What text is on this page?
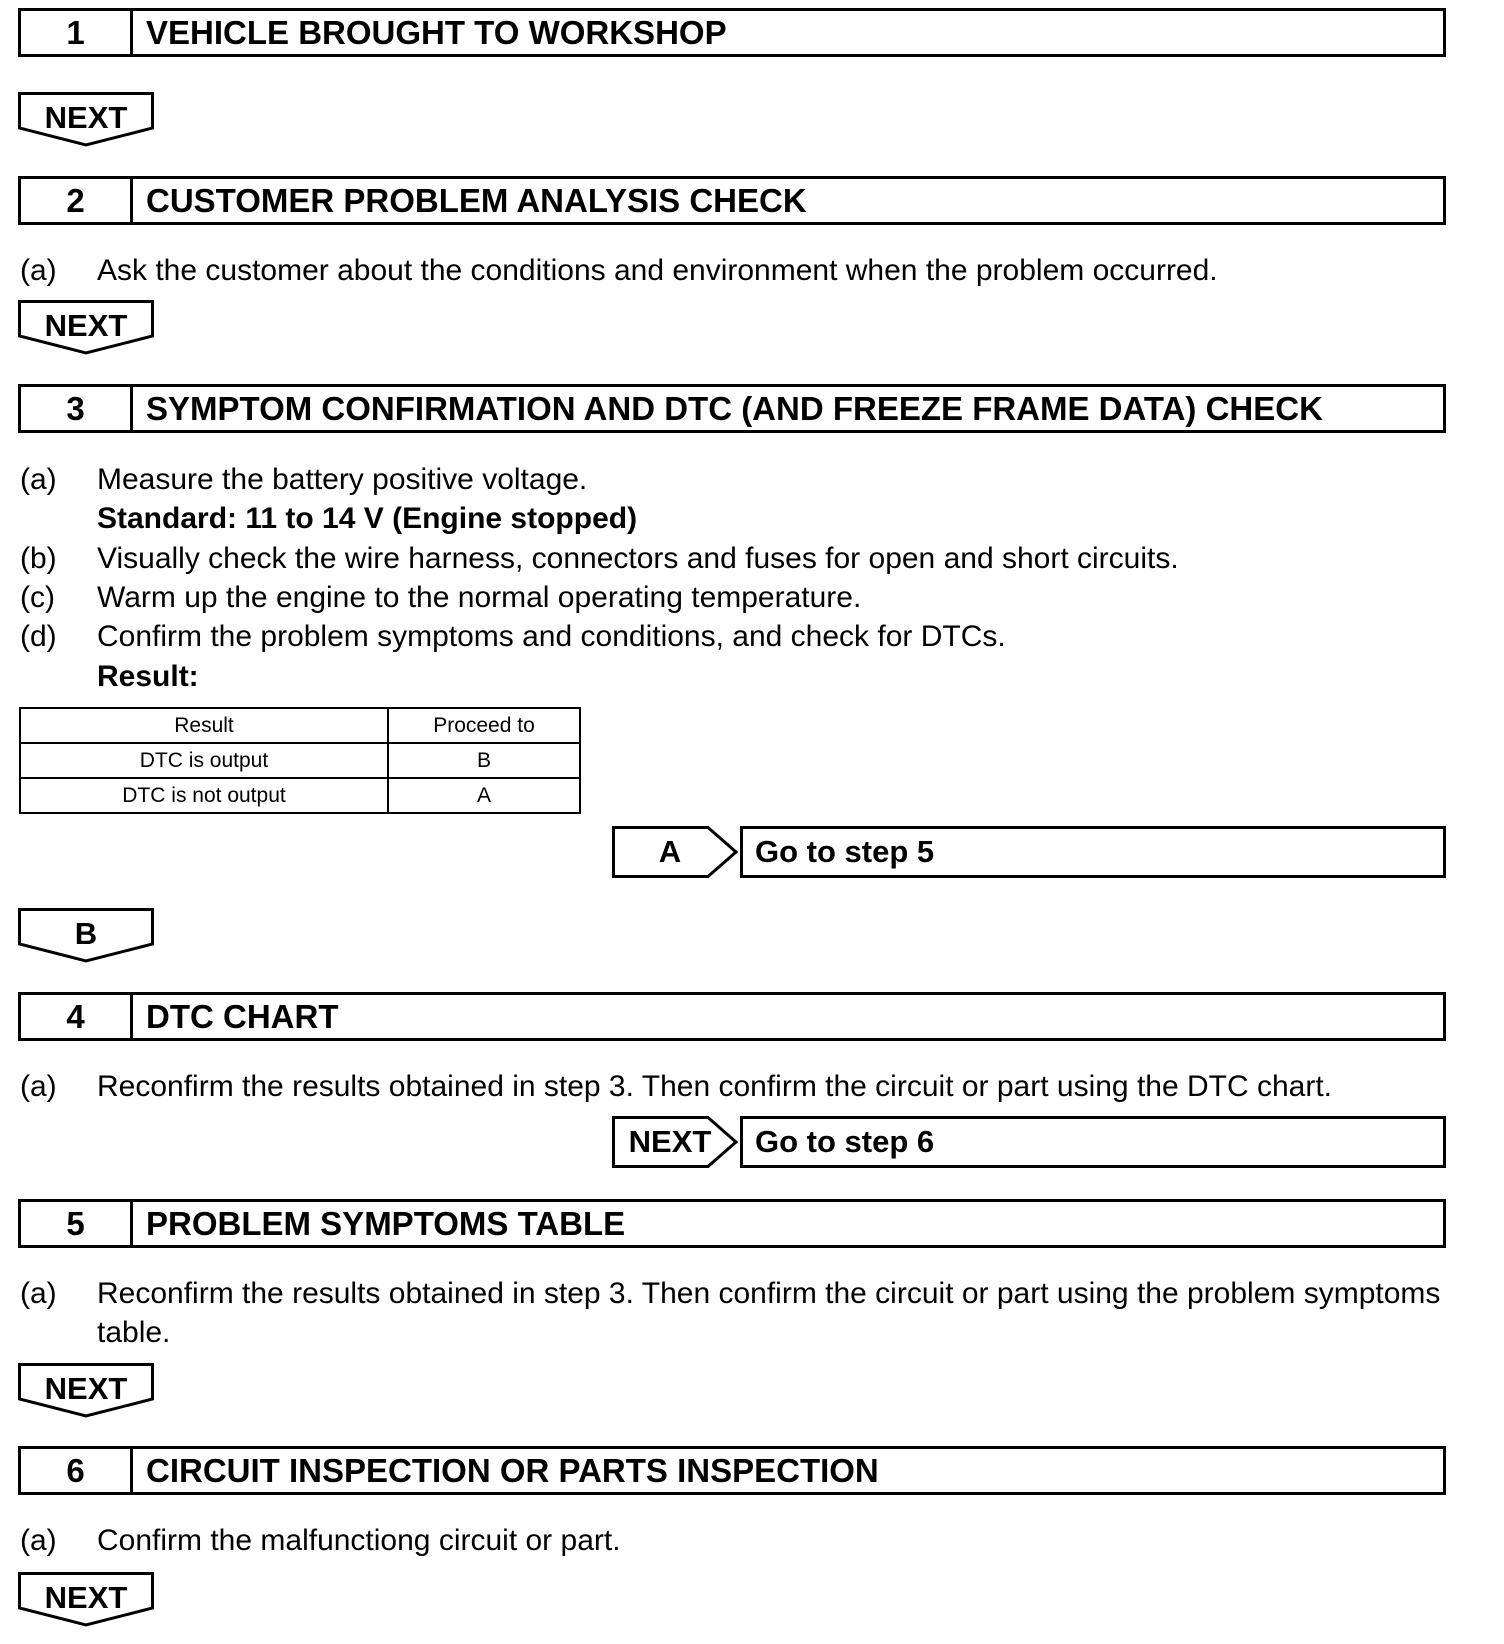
1	VEHICLE BROUGHT TO WORKSHOP
NEXT
2	CUSTOMER PROBLEM ANALYSIS CHECK
(a) Ask the customer about the conditions and environment when the problem occurred.
NEXT
3	SYMPTOM CONFIRMATION AND DTC (AND FREEZE FRAME DATA) CHECK
(a) Measure the battery positive voltage.
Standard: 11 to 14 V (Engine stopped)
(b) Visually check the wire harness, connectors and fuses for open and short circuits.
(c) Warm up the engine to the normal operating temperature.
(d) Confirm the problem symptoms and conditions, and check for DTCs.
Result:
Result	Proceed to
DTC is output	B
DTC is not output	A
A	Go to step 5
B
4	DTC CHART
(a) Reconfirm the results obtained in step 3. Then confirm the circuit or part using the DTC chart.
NEXT	Go to step 6
5	PROBLEM SYMPTOMS TABLE
(a) Reconfirm the results obtained in step 3. Then confirm the circuit or part using the problem symptoms
table.
NEXT
6	CIRCUIT INSPECTION OR PARTS INSPECTION
(a) Confirm the malfunctiong circuit or part.
NEXT
